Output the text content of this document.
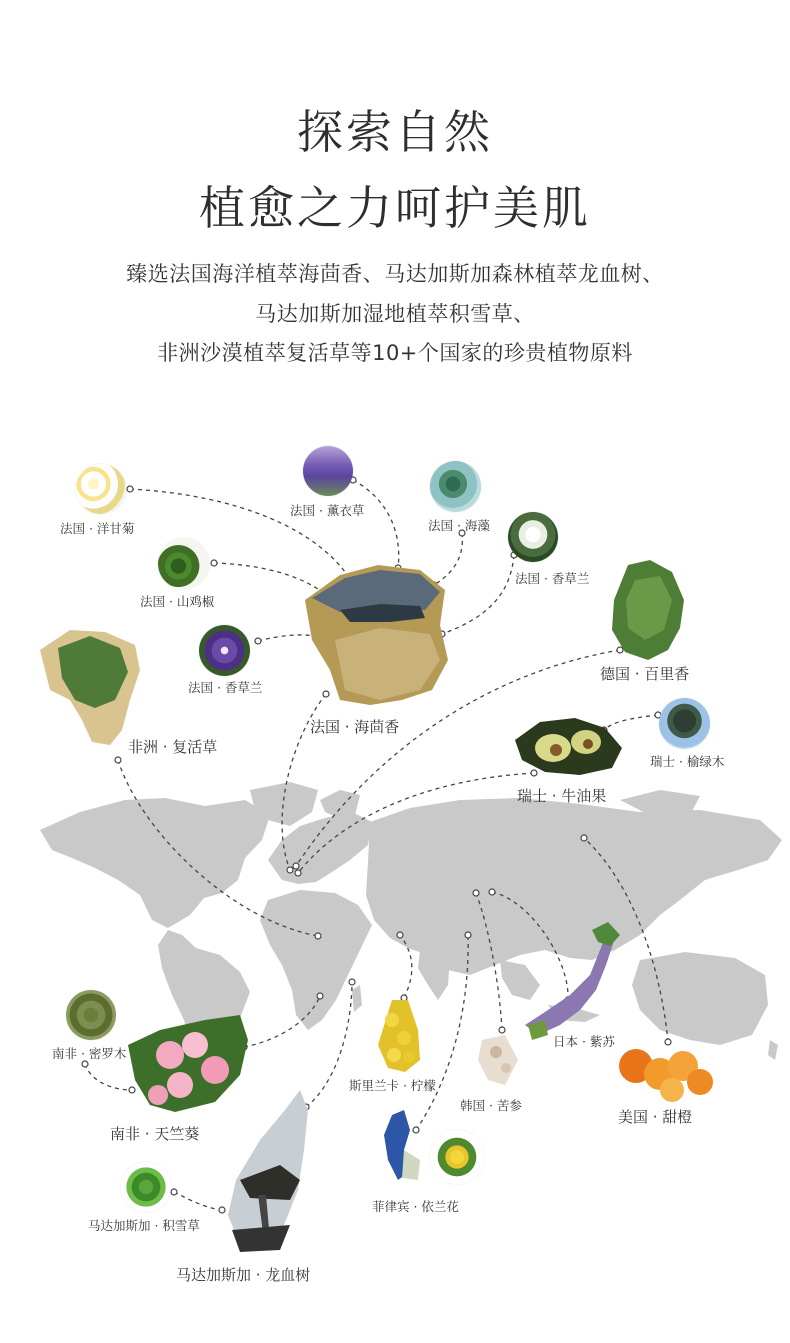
探索自然
植愈之力呵护美肌
臻选法国海洋植萃海茴香、马达加斯加森林植萃龙血树、
马达加斯加湿地植萃积雪草、
非洲沙漠植萃复活草等10+个国家的珍贵植物原料
法国 · 洋甘菊
法国 · 薰衣草
法国 · 海藻
法国 · 香草兰
法国 · 山鸡椒
法国 · 香草兰
法国 · 海茴香
非洲 · 复活草
德国 · 百里香
瑞士 · 榆绿木
瑞士 · 牛油果
南非 · 密罗木
南非 · 天竺葵
斯里兰卡 · 柠檬
韩国 · 苦参
日本 · 紫苏
美国 · 甜橙
菲律宾 · 依兰花
马达加斯加 · 积雪草
马达加斯加 · 龙血树
